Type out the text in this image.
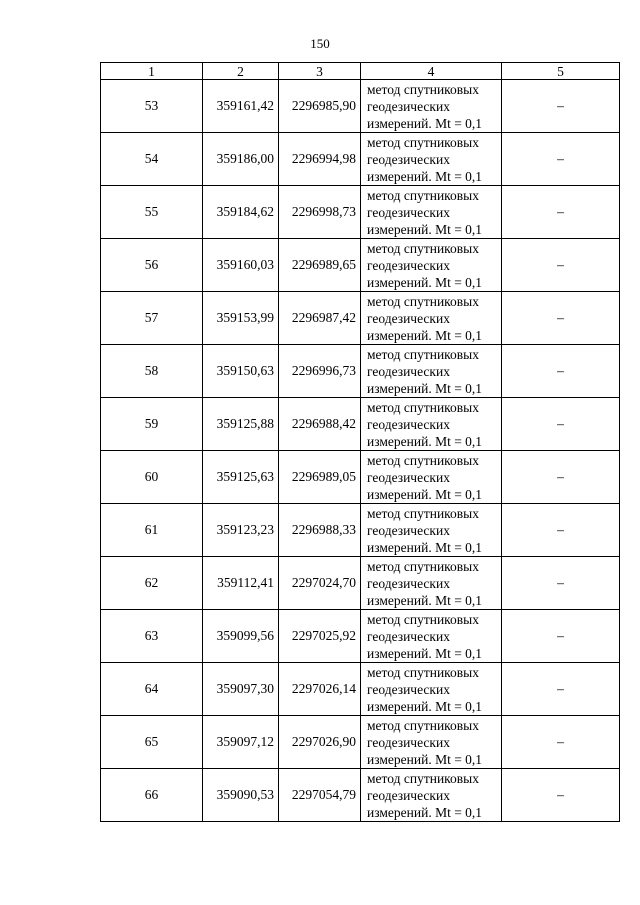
150
1	2	3	4	5
53	359161,42	2296985,90	метод спутниковых
геодезических
измерений. Mt = 0,1	–
54	359186,00	2296994,98	метод спутниковых
геодезических
измерений. Mt = 0,1	–
55	359184,62	2296998,73	метод спутниковых
геодезических
измерений. Mt = 0,1	–
56	359160,03	2296989,65	метод спутниковых
геодезических
измерений. Mt = 0,1	–
57	359153,99	2296987,42	метод спутниковых
геодезических
измерений. Mt = 0,1	–
58	359150,63	2296996,73	метод спутниковых
геодезических
измерений. Mt = 0,1	–
59	359125,88	2296988,42	метод спутниковых
геодезических
измерений. Mt = 0,1	–
60	359125,63	2296989,05	метод спутниковых
геодезических
измерений. Mt = 0,1	–
61	359123,23	2296988,33	метод спутниковых
геодезических
измерений. Mt = 0,1	–
62	359112,41	2297024,70	метод спутниковых
геодезических
измерений. Mt = 0,1	–
63	359099,56	2297025,92	метод спутниковых
геодезических
измерений. Mt = 0,1	–
64	359097,30	2297026,14	метод спутниковых
геодезических
измерений. Mt = 0,1	–
65	359097,12	2297026,90	метод спутниковых
геодезических
измерений. Mt = 0,1	–
66	359090,53	2297054,79	метод спутниковых
геодезических
измерений. Mt = 0,1	–
